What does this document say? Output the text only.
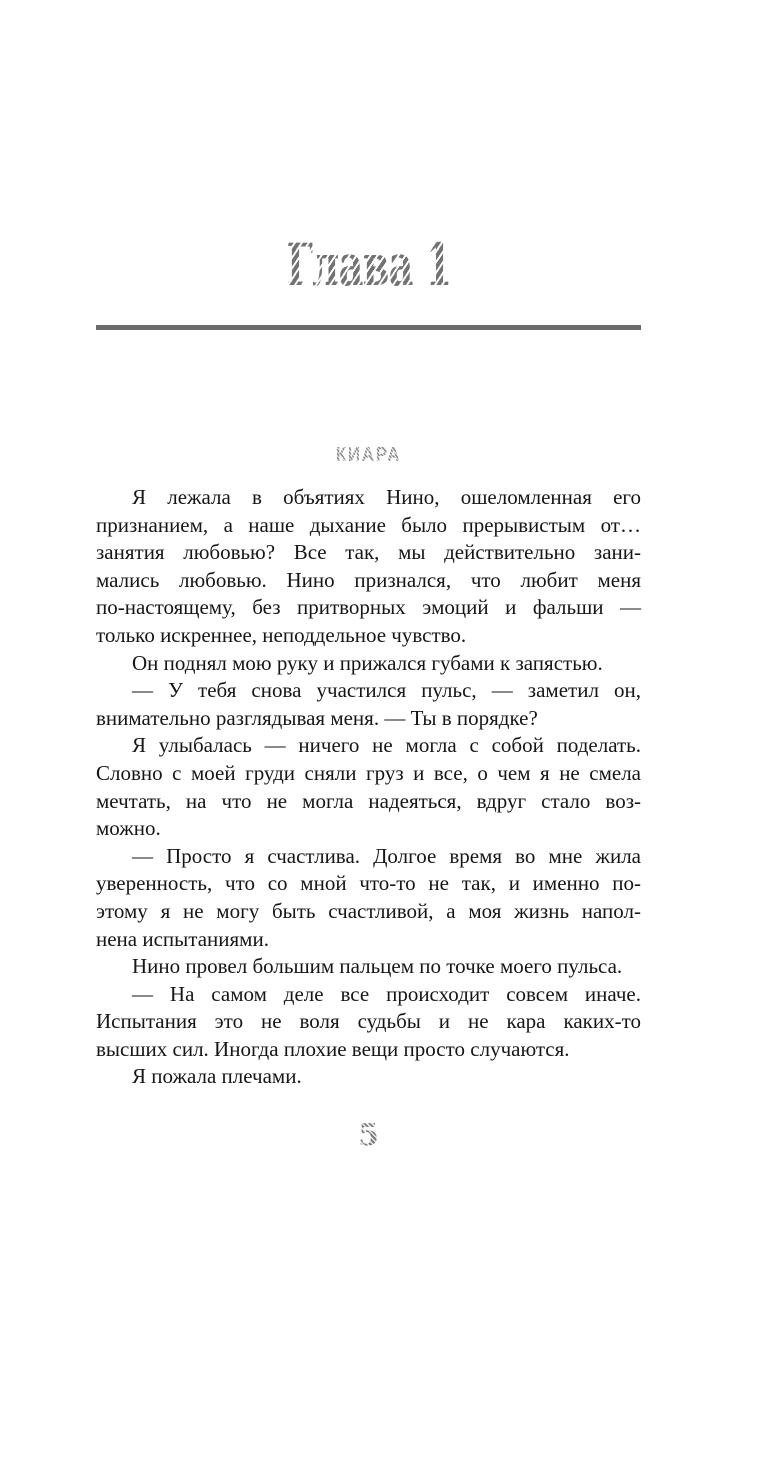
Глава 1
КИАРА

Я лежала в объятиях Нино, ошеломленная его
признанием, а наше дыхание было прерывистым от…
занятия любовью? Все так, мы действительно зани-
мались любовью. Нино признался, что любит меня
по-настоящему, без притворных эмоций и фальши —
только искреннее, неподдельное чувство.

Он поднял мою руку и прижался губами к запястью.

— У тебя снова участился пульс, — заметил он,
внимательно разглядывая меня. — Ты в порядке?

Я улыбалась — ничего не могла с собой поделать.
Словно с моей груди сняли груз и все, о чем я не смела
мечтать, на что не могла надеяться, вдруг стало воз-
можно.

— Просто я счастлива. Долгое время во мне жила
уверенность, что со мной что-то не так, и именно по-
этому я не могу быть счастливой, а моя жизнь напол-
нена испытаниями.

Нино провел большим пальцем по точке моего пульса.

— На самом деле все происходит совсем иначе.
Испытания это не воля судьбы и не кара каких-то
высших сил. Иногда плохие вещи просто случаются.

Я пожала плечами.

5
